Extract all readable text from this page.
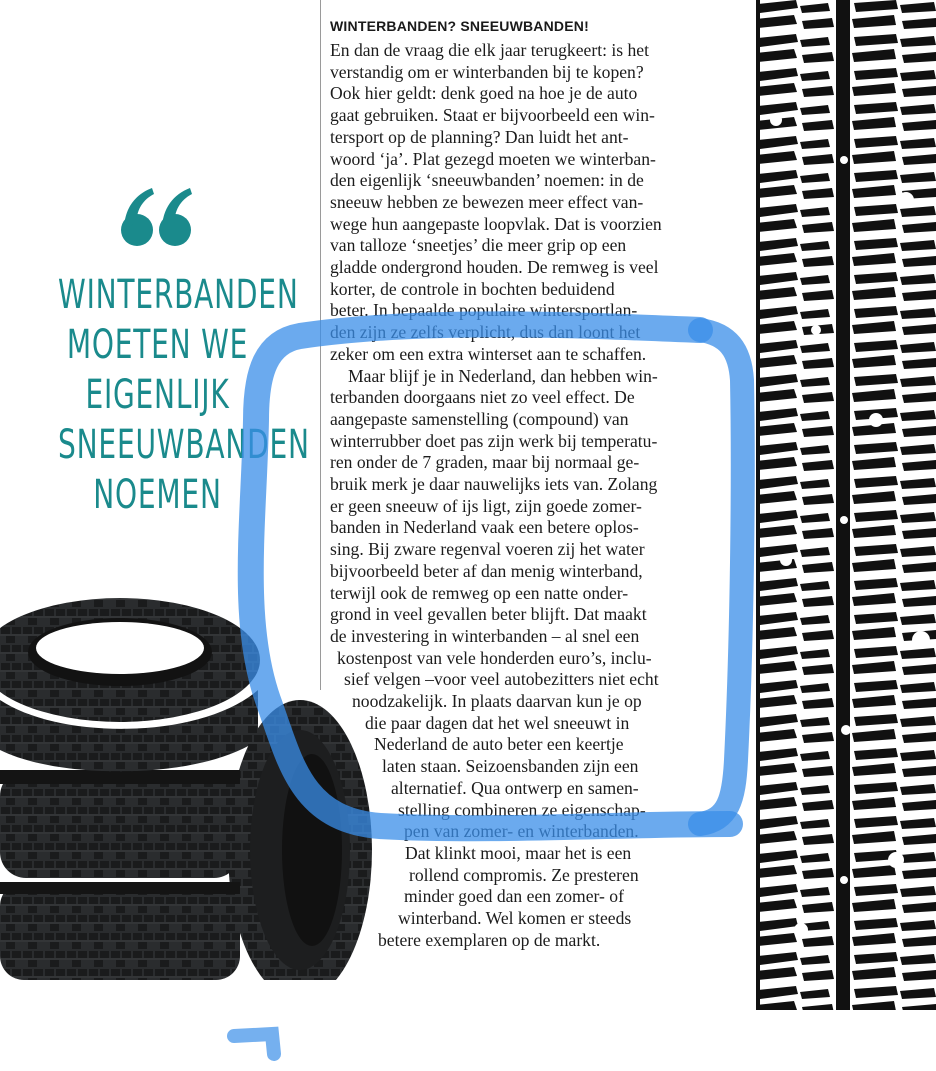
WINTERBANDEN
MOETEN WE
EIGENLIJK
SNEEUWBANDEN
NOEMEN
WINTERBANDEN? SNEEUWBANDEN!
En dan de vraag die elk jaar terugkeert: is het
verstandig om er winterbanden bij te kopen?
Ook hier geldt: denk goed na hoe je de auto
gaat gebruiken. Staat er bijvoorbeeld een win-
tersport op de planning? Dan luidt het ant-
woord ‘ja’. Plat gezegd moeten we winterban-
den eigenlijk ‘sneeuwbanden’ noemen: in de
sneeuw hebben ze bewezen meer effect van-
wege hun aangepaste loopvlak. Dat is voorzien
van talloze ‘sneetjes’ die meer grip op een
gladde ondergrond houden. De remweg is veel
korter, de controle in bochten beduidend
beter. In bepaalde populaire wintersportlan-
den zijn ze zelfs verplicht, dus dan loont het
zeker om een extra winterset aan te schaffen.
Maar blijf je in Nederland, dan hebben win-
terbanden doorgaans niet zo veel effect. De
aangepaste samenstelling (compound) van
winterrubber doet pas zijn werk bij temperatu-
ren onder de 7 graden, maar bij normaal ge-
bruik merk je daar nauwelijks iets van. Zolang
er geen sneeuw of ijs ligt, zijn goede zomer-
banden in Nederland vaak een betere oplos-
sing. Bij zware regenval voeren zij het water
bijvoorbeeld beter af dan menig winterband,
terwijl ook de remweg op een natte onder-
grond in veel gevallen beter blijft. Dat maakt
de investering in winterbanden – al snel een
kostenpost van vele honderden euro’s, inclu-
sief velgen –voor veel autobezitters niet echt
noodzakelijk. In plaats daarvan kun je op
die paar dagen dat het wel sneeuwt in
Nederland de auto beter een keertje
laten staan. Seizoensbanden zijn een
alternatief. Qua ontwerp en samen-
stelling combineren ze eigenschap-
pen van zomer- en winterbanden.
Dat klinkt mooi, maar het is een
rollend compromis. Ze presteren
minder goed dan een zomer- of
winterband. Wel komen er steeds
betere exemplaren op de markt.
